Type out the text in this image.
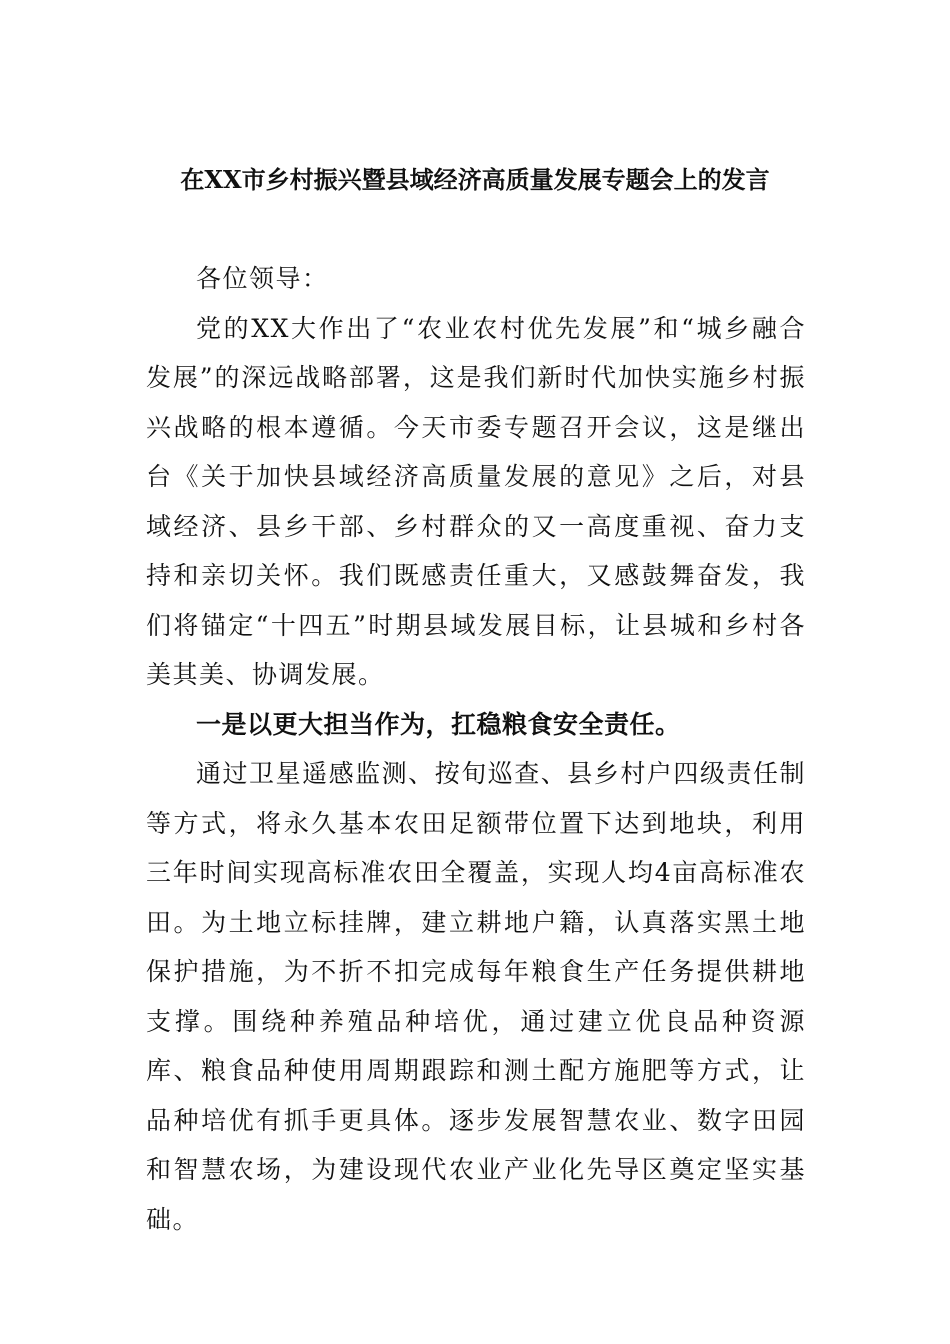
在XX市乡村振兴暨县域经济高质量发展专题会上的发言

各位领导：

党的XX大作出了“农业农村优先发展”和“城乡融合发展”的深远战略部署，这是我们新时代加快实施乡村振兴战略的根本遵循。今天市委专题召开会议，这是继出台《关于加快县域经济高质量发展的意见》之后，对县域经济、县乡干部、乡村群众的又一高度重视、奋力支持和亲切关怀。我们既感责任重大，又感鼓舞奋发，我们将锚定“十四五”时期县域发展目标，让县城和乡村各美其美、协调发展。

一是以更大担当作为，扛稳粮食安全责任。

通过卫星遥感监测、按旬巡查、县乡村户四级责任制等方式，将永久基本农田足额带位置下达到地块，利用三年时间实现高标准农田全覆盖，实现人均4亩高标准农田。为土地立标挂牌，建立耕地户籍，认真落实黑土地保护措施，为不折不扣完成每年粮食生产任务提供耕地支撑。围绕种养殖品种培优，通过建立优良品种资源库、粮食品种使用周期跟踪和测土配方施肥等方式，让品种培优有抓手更具体。逐步发展智慧农业、数字田园和智慧农场，为建设现代农业产业化先导区奠定坚实基础。
